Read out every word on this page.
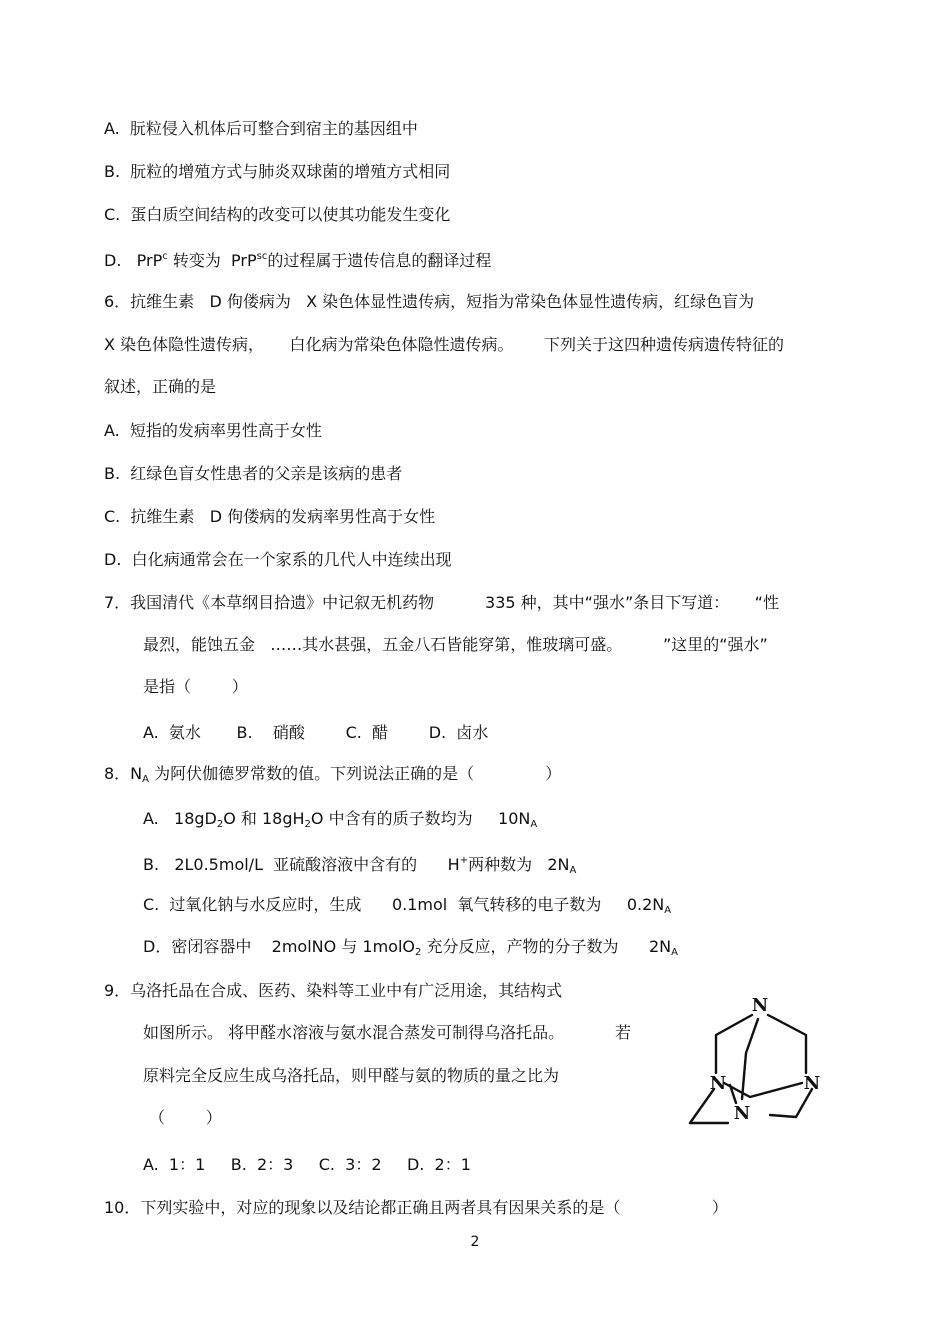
A.  朊粒侵入机体后可整合到宿主的基因组中
B.  朊粒的增殖方式与肺炎双球菌的增殖方式相同
C.  蛋白质空间结构的改变可以使其功能发生变化
D.   PrP$^c$ 转变为  PrP$^{sc}$的过程属于遗传信息的翻译过程
6．抗维生素   D 佝偻病为   X 染色体显性遗传病，短指为常染色体显性遗传病，红绿色盲为
X 染色体隐性遗传病，     白化病为常染色体隐性遗传病。      下列关于这四种遗传病遗传特征的
叙述，正确的是
A.  短指的发病率男性高于女性
B.  红绿色盲女性患者的父亲是该病的患者
C.  抗维生素   D 佝偻病的发病率男性高于女性
D.  白化病通常会在一个家系的几代人中连续出现
7．我国清代《本草纲目拾遗》中记叙无机药物          335 种，其中“强水”条目下写道：     “性
最烈，能蚀五金   ……其水甚强，五金八石皆能穿第，惟玻璃可盛。        ”这里的“强水”
是指（        ）
A.  氨水       B.    硝酸        C.  醋        D.  卤水
8．$N_A$ 为阿伏伽德罗常数的值。下列说法正确的是（              ）
A.   $18gD_2O$ 和 $18gH_2O$ 中含有的质子数均为     $10N_A$
B.   2L0.5mol/L  亚硫酸溶液中含有的      H+两种数为   $2N_A$
C.  过氧化钠与水反应时，生成      0.1mol  氧气转移的电子数为     $0.2N_A$
D．密闭容器中    2molNO 与 1molO$_2$ 充分反应，产物的分子数为      $2N_A$
9．乌洛托品在合成、医药、染料等工业中有广泛用途，其结构式
如图所示。 将甲醛水溶液与氨水混合蒸发可制得乌洛托品。          若
原料完全反应生成乌洛托品，则甲醛与氨的物质的量之比为
（        ）
A.  1：1     B.  2：3     C.  3：2     D.  2：1
N
N	N
N
10．下列实验中，对应的现象以及结论都正确且两者具有因果关系的是（                  ）
2
